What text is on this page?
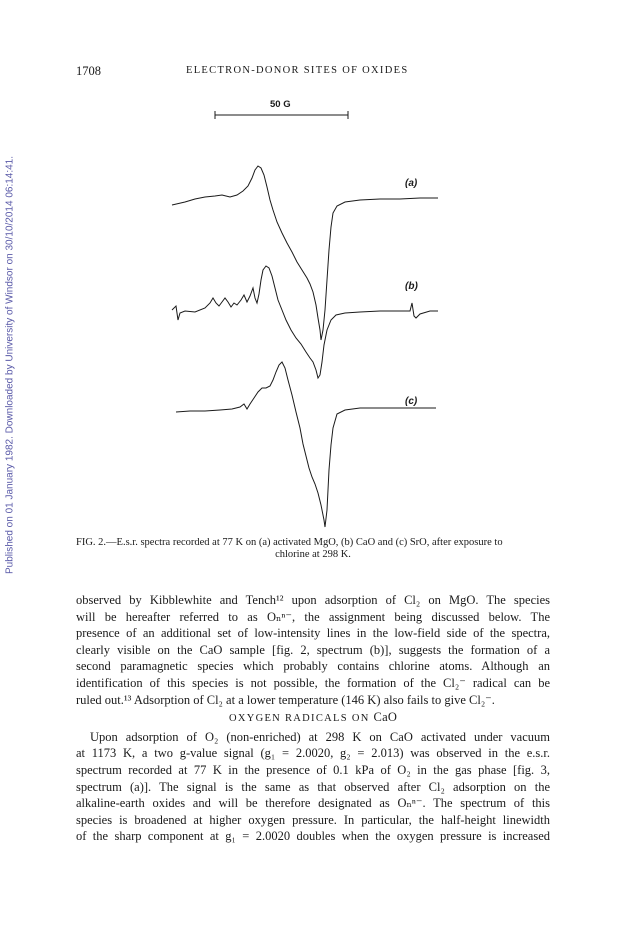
Published on 01 January 1982. Downloaded by University of Windsor on 30/10/2014 06:14:41.
1708	ELECTRON-DONOR SITES OF OXIDES
50 G
(a)
(b)
(c)
FIG. 2.—E.s.r. spectra recorded at 77 K on (a) activated MgO, (b) CaO and (c) SrO, after exposure to
chlorine at 298 K.
observed by Kibblewhite and Tench¹² upon adsorption of Cl₂ on MgO. The species
will be hereafter referred to as Oₙⁿ⁻, the assignment being discussed below. The
presence of an additional set of low-intensity lines in the low-field side of the spectra,
clearly visible on the CaO sample [fig. 2, spectrum (b)], suggests the formation of a
second paramagnetic species which probably contains chlorine atoms. Although an
identification of this species is not possible, the formation of the Cl₂⁻ radical can be
ruled out.¹³ Adsorption of Cl₂ at a lower temperature (146 K) also fails to give Cl₂⁻.
OXYGEN RADICALS ON CaO
Upon adsorption of O₂ (non-enriched) at 298 K on CaO activated under vacuum
at 1173 K, a two g-value signal (g₁ = 2.0020, g₂ = 2.013) was observed in the e.s.r.
spectrum recorded at 77 K in the presence of 0.1 kPa of O₂ in the gas phase [fig. 3,
spectrum (a)]. The signal is the same as that observed after Cl₂ adsorption on the
alkaline-earth oxides and will be therefore designated as Oₙⁿ⁻. The spectrum of this
species is broadened at higher oxygen pressure. In particular, the half-height linewidth
of the sharp component at g₁ = 2.0020 doubles when the oxygen pressure is increased
